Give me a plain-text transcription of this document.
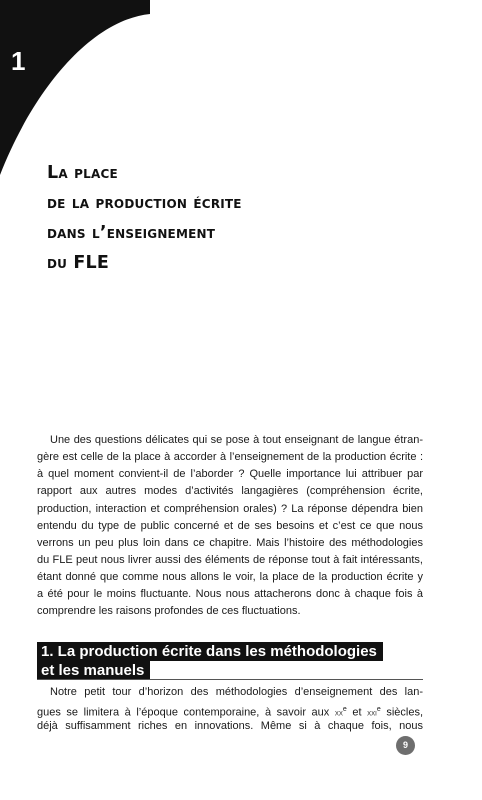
1
La place
de la production écrite
dans l’enseignement
du FLE
Une des questions délicates qui se pose à tout enseignant de langue étran-
gère est celle de la place à accorder à l’enseignement de la production écrite :
à quel moment convient-il de l’aborder ? Quelle importance lui attribuer par
rapport aux autres modes d’activités langagières (compréhension écrite,
production, interaction et compréhension orales) ? La réponse dépendra bien
entendu du type de public concerné et de ses besoins et c’est ce que nous
verrons un peu plus loin dans ce chapitre. Mais l’histoire des méthodologies
du FLE peut nous livrer aussi des éléments de réponse tout à fait intéressants,
étant donné que comme nous allons le voir, la place de la production écrite y
a été pour le moins fluctuante. Nous nous attacherons donc à chaque fois à
comprendre les raisons profondes de ces fluctuations.
1. La production écrite dans les méthodologies
et les manuels
Notre petit tour d’horizon des méthodologies d’enseignement des lan-
gues se limitera à l’époque contemporaine, à savoir aux $xx^e$ et xxi$^e$ siècles,
déjà suffisamment riches en innovations. Même si à chaque fois, nous
9
